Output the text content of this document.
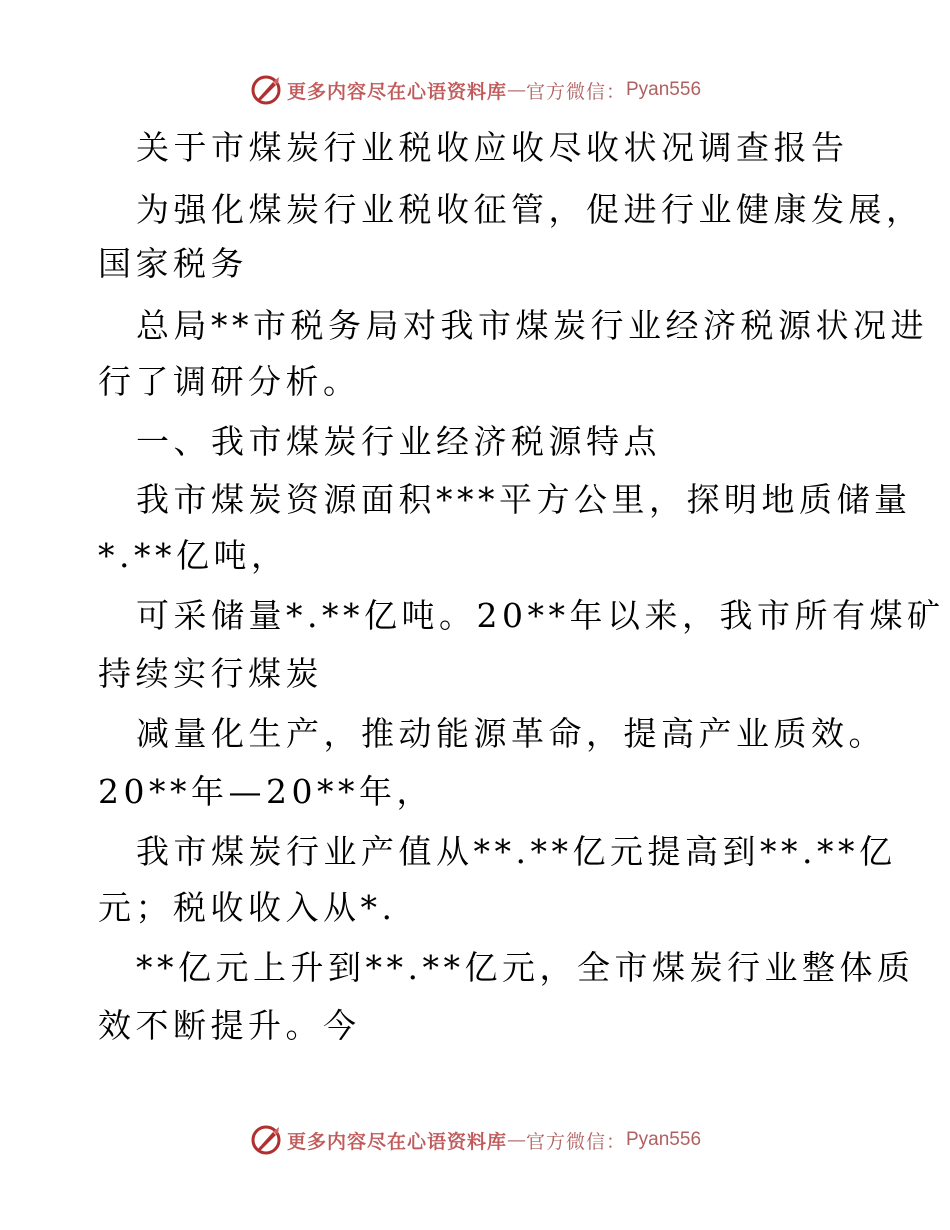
更多内容尽在心语资料库 — 官方微信： Pyan556
关于市煤炭行业税收应收尽收状况调查报告
为强化煤炭行业税收征管，促进行业健康发展，
国家税务
总局**市税务局对我市煤炭行业经济税源状况进
行了调研分析。
一、我市煤炭行业经济税源特点
我市煤炭资源面积***平方公里，探明地质储量
*.**亿吨，
可采储量*.**亿吨。20**年以来，我市所有煤矿
持续实行煤炭
减量化生产，推动能源革命，提高产业质效。
20**年—20**年，
我市煤炭行业产值从**.**亿元提高到**.**亿
元；税收收入从*.
**亿元上升到**.**亿元，全市煤炭行业整体质
效不断提升。今
更多内容尽在心语资料库 — 官方微信： Pyan556
